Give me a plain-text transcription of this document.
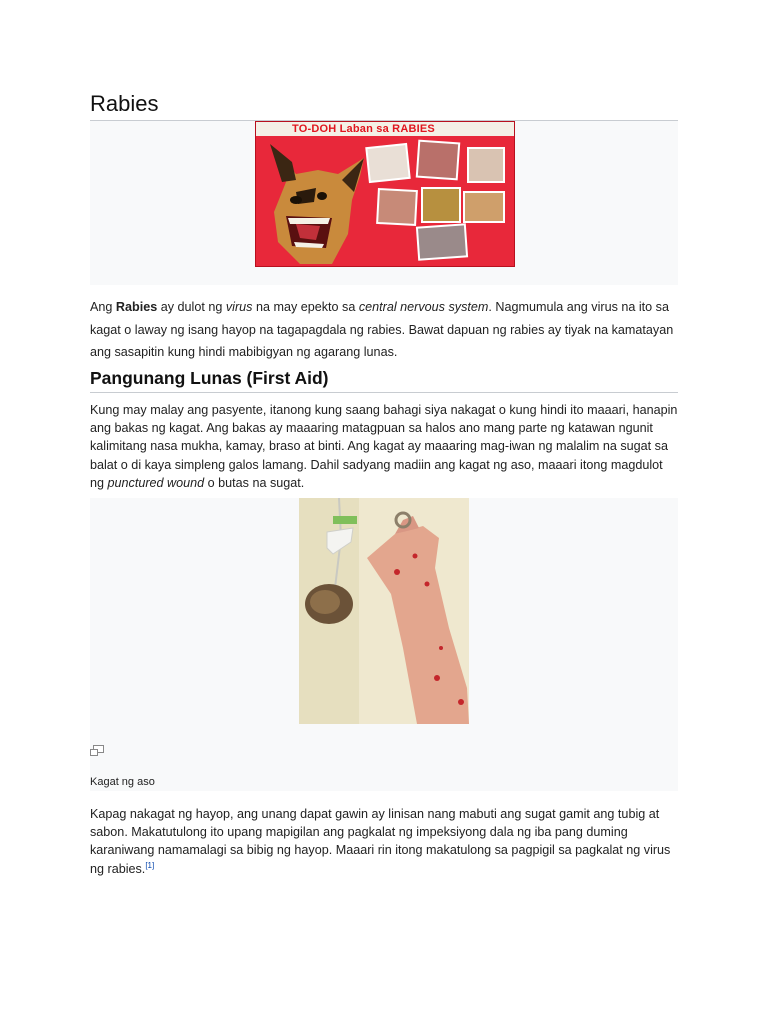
Rabies
TO-DOH Laban sa RABIES

Ang Rabies ay dulot ng virus na may epekto sa central nervous system. Nagmumula ang virus na ito sa kagat o laway ng isang hayop na tagapagdala ng rabies. Bawat dapuan ng rabies ay tiyak na kamatayan ang sasapitin kung hindi mabibigyan ng agarang lunas.

Pangunang Lunas (First Aid)

Kung may malay ang pasyente, itanong kung saang bahagi siya nakagat o kung hindi ito maaari, hanapin ang bakas ng kagat. Ang bakas ay maaaring matagpuan sa halos ano mang parte ng katawan ngunit kalimitang nasa mukha, kamay, braso at binti. Ang kagat ay maaaring mag-iwan ng malalim na sugat sa balat o di kaya simpleng galos lamang. Dahil sadyang madiin ang kagat ng aso, maaari itong magdulot ng punctured wound o butas na sugat.

Kagat ng aso

Kapag nakagat ng hayop, ang unang dapat gawin ay linisan nang mabuti ang sugat gamit ang tubig at sabon. Makatutulong ito upang mapigilan ang pagkalat ng impeksiyong dala ng iba pang duming karaniwang namamalagi sa bibig ng hayop. Maaari rin itong makatulong sa pagpigil sa pagkalat ng virus ng rabies.[1]
